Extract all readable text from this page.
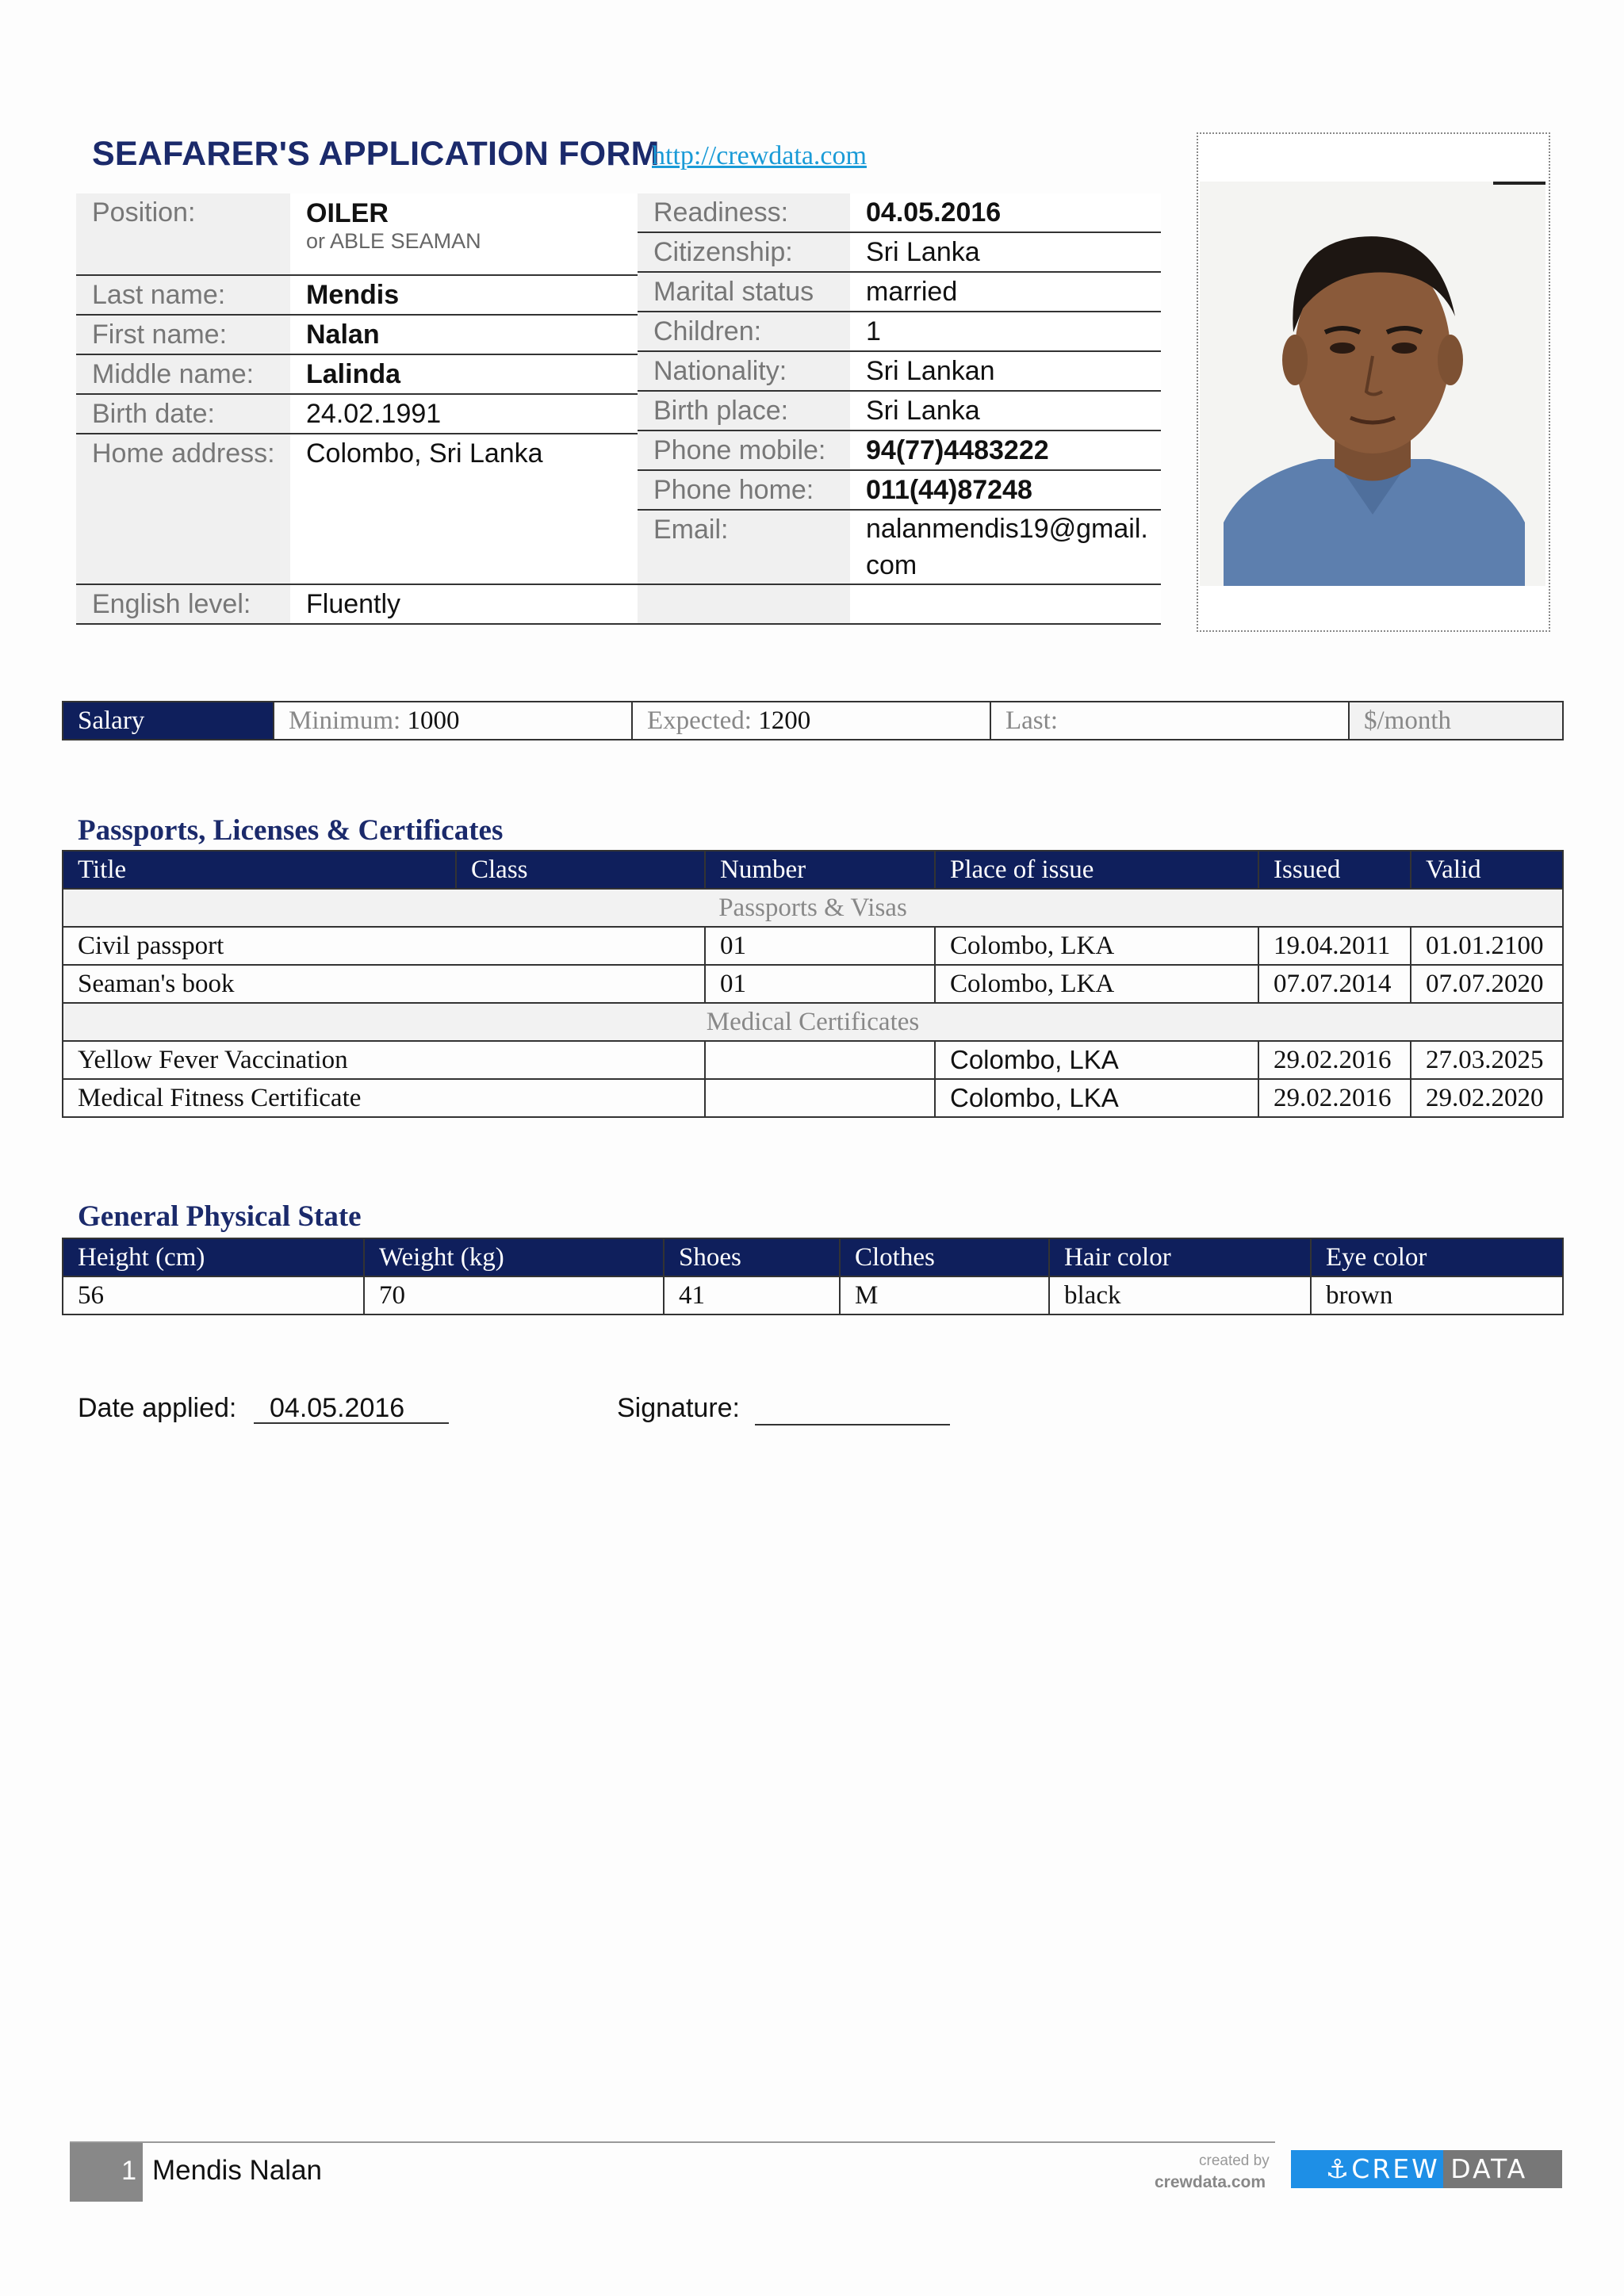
SEAFARER'S APPLICATION FORM
http://crewdata.com
Position:	OILER
or ABLE SEAMAN

Last name:	Mendis
First name:	Nalan
Middle name:	Lalinda
Birth date:	24.02.1991
Home address:	Colombo, Sri Lanka
English level:	Fluently
Readiness:	04.05.2016
Citizenship:	Sri Lanka
Marital status	married
Children:	1
Nationality:	Sri Lankan
Birth place:	Sri Lanka
Phone mobile:	94(77)4483222
Phone home:	011(44)87248
Email:	nalanmendis19@gmail.com

Salary	Minimum: 1000	Expected: 1200	Last:	$/month
Passports, Licenses & Certificates
Title	Class	Number	Place of issue	Issued	Valid
Passports & Visas					
Civil passport		01	Colombo, LKA	19.04.2011	01.01.2100
Seaman's book		01	Colombo, LKA	07.07.2014	07.07.2020
Medical Certificates					
Yellow Fever Vaccination			Colombo, LKA	29.02.2016	27.03.2025
Medical Fitness Certificate			Colombo, LKA	29.02.2016	29.02.2020
General Physical State
Height (cm)	Weight (kg)	Shoes	Clothes	Hair color	Eye color
56	70	41	M	black	brown
Date applied:	04.05.2016	Signature:
1 Mendis Nalan	created by
crewdata.com	⚓CREW DATA
